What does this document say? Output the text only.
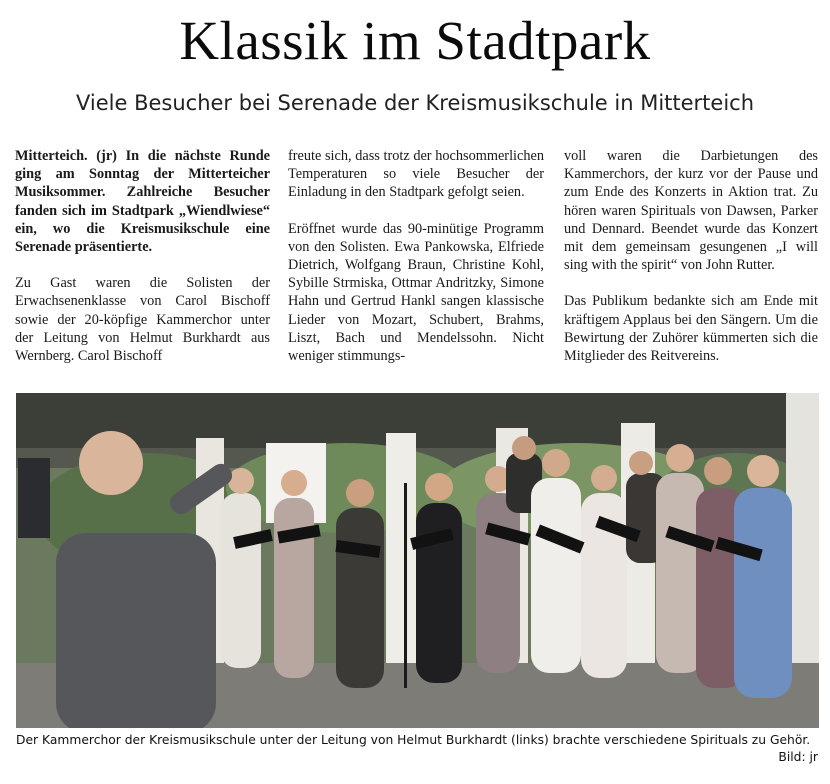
Klassik im Stadtpark
Viele Besucher bei Serenade der Kreismusikschule in Mitterteich

Mitterteich. (jr) In die nächste Runde ging am Sonntag der Mitterteicher Musiksommer. Zahlreiche Besucher fanden sich im Stadtpark „Wiendlwiese“ ein, wo die Kreismusikschule eine Serenade präsentierte.

Zu Gast waren die Solisten der Erwachsenenklasse von Carol Bischoff sowie der 20-köpfige Kammerchor unter der Leitung von Helmut Burkhardt aus Wernberg. Carol Bischoff

freute sich, dass trotz der hochsommerlichen Temperaturen so viele Besucher der Einladung in den Stadtpark gefolgt seien.

Eröffnet wurde das 90-minütige Programm von den Solisten. Ewa Pankowska, Elfriede Dietrich, Wolfgang Braun, Christine Kohl, Sybille Strmiska, Ottmar Andritzky, Simone Hahn und Gertrud Hankl sangen klassische Lieder von Mozart, Schubert, Brahms, Liszt, Bach und Mendelssohn. Nicht weniger stimmungs-

voll waren die Darbietungen des Kammerchors, der kurz vor der Pause und zum Ende des Konzerts in Aktion trat. Zu hören waren Spirituals von Dawsen, Parker und Dennard. Beendet wurde das Konzert mit dem gemeinsam gesungenen „I will sing with the spirit“ von John Rutter.

Das Publikum bedankte sich am Ende mit kräftigem Applaus bei den Sängern. Um die Bewirtung der Zuhörer kümmerten sich die Mitglieder des Reitvereins.

Der Kammerchor der Kreismusikschule unter der Leitung von Helmut Burkhardt (links) brachte verschiedene Spirituals zu Gehör.
Bild: jr
